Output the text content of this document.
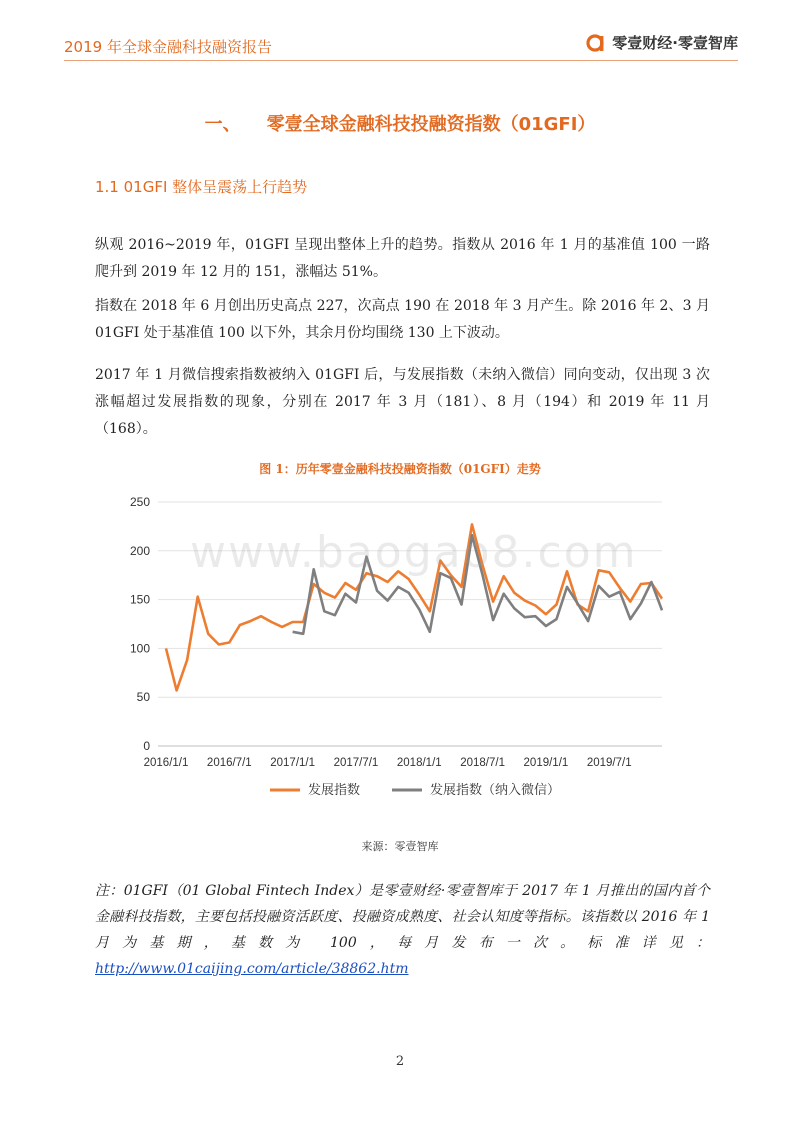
2019 年全球金融科技融资报告	零壹财经·零壹智库
一、 零壹全球金融科技投融资指数（01GFI）
1.1 01GFI 整体呈震荡上行趋势
纵观 2016~2019 年，01GFI 呈现出整体上升的趋势。指数从 2016 年 1 月的基准值 100 一路爬升到 2019 年 12 月的 151，涨幅达 51%。
指数在 2018 年 6 月创出历史高点 227，次高点 190 在 2018 年 3 月产生。除 2016 年 2、3 月 01GFI 处于基准值 100 以下外，其余月份均围绕 130 上下波动。
2017 年 1 月微信搜索指数被纳入 01GFI 后，与发展指数（未纳入微信）同向变动，仅出现 3 次涨幅超过发展指数的现象，分别在 2017 年 3 月（181）、8 月（194）和 2019 年 11 月（168）。
图 1：历年零壹金融科技投融资指数（01GFI）走势
0
50
100
150
200
250
2016/1/1 2016/7/1 2017/1/1 2017/7/1 2018/1/1 2018/7/1 2019/1/1 2019/7/1
发展指数	发展指数（纳入微信）
www.baogao8.com
来源：零壹智库
注：01GFI（01 Global Fintech Index）是零壹财经·零壹智库于 2017 年 1 月推出的国内首个金融科技指数，主要包括投融资活跃度、投融资成熟度、社会认知度等指标。该指数以 2016 年 1 月为基期，基数为 100，每月发布一次。标准详见：http://www.01caijing.com/article/38862.htm
2
